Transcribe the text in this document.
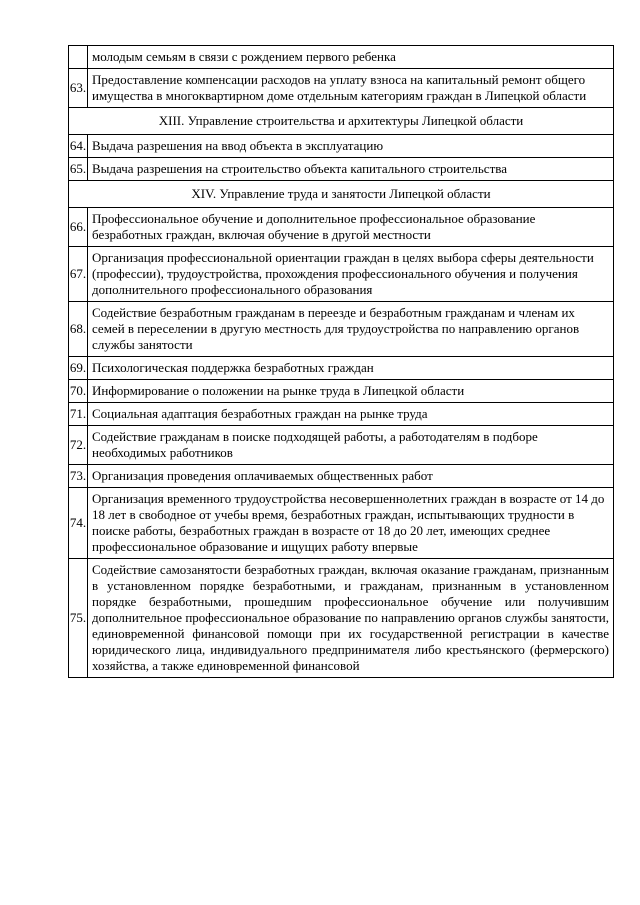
	молодым семьям в связи с рождением первого ребенка
63.	Предоставление компенсации расходов на уплату взноса на капитальный ремонт общего имущества в многоквартирном доме отдельным категориям граждан в Липецкой области
XIII. Управление строительства и архитектуры Липецкой области	
64.	Выдача разрешения на ввод объекта в эксплуатацию
65.	Выдача разрешения на строительство объекта капитального строительства
XIV. Управление труда и занятости Липецкой области	
66.	Профессиональное обучение и дополнительное профессиональное образование безработных граждан, включая обучение в другой местности
67.	Организация профессиональной ориентации граждан в целях выбора сферы деятельности (профессии), трудоустройства, прохождения профессионального обучения и получения дополнительного профессионального образования
68.	Содействие безработным гражданам в переезде и безработным гражданам и членам их семей в переселении в другую местность для трудоустройства по направлению органов службы занятости
69.	Психологическая поддержка безработных граждан
70.	Информирование о положении на рынке труда в Липецкой области
71.	Социальная адаптация безработных граждан на рынке труда
72.	Содействие гражданам в поиске подходящей работы, а работодателям в подборе необходимых работников
73.	Организация проведения оплачиваемых общественных работ
74.	Организация временного трудоустройства несовершеннолетних граждан в возрасте от 14 до 18 лет в свободное от учебы время, безработных граждан, испытывающих трудности в поиске работы, безработных граждан в возрасте от 18 до 20 лет, имеющих среднее профессиональное образование и ищущих работу впервые
75.	Содействие самозанятости безработных граждан, включая оказание гражданам, признанным в установленном порядке безработными, и гражданам, признанным в установленном порядке безработными, прошедшим профессиональное обучение или получившим дополнительное профессиональное образование по направлению органов службы занятости, единовременной финансовой помощи при их государственной регистрации в качестве юридического лица, индивидуального предпринимателя либо крестьянского (фермерского) хозяйства, а также единовременной финансовой
